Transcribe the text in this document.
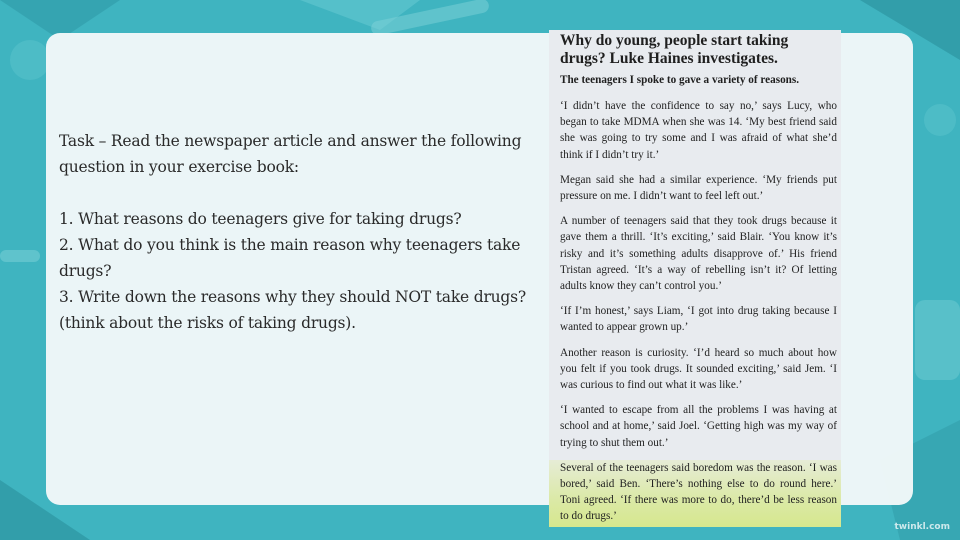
Task – Read the newspaper article and answer the following

question in your exercise book:

1. What reasons do teenagers give for taking drugs?

2. What do you think is the main reason why teenagers take drugs?

3. Write down the reasons why they should NOT take drugs?

(think about the risks of taking drugs).

Why do young, people start taking drugs? Luke Haines investigates.
The teenagers I spoke to gave a variety of reasons.
‘I didn’t have the confidence to say no,’ says Lucy, who began to take MDMA when she was 14. ‘My best friend said she was going to try some and I was afraid of what she’d think if I didn’t try it.’
Megan said she had a similar experience. ‘My friends put pressure on me. I didn’t want to feel left out.’
A number of teenagers said that they took drugs because it gave them a thrill. ‘It’s exciting,’ said Blair. ‘You know it’s risky and it’s something adults disapprove of.’ His friend Tristan agreed. ‘It’s a way of rebelling isn’t it? Of letting adults know they can’t control you.’
‘If I’m honest,’ says Liam, ‘I got into drug taking because I wanted to appear grown up.’
Another reason is curiosity. ‘I’d heard so much about how you felt if you took drugs. It sounded exciting,’ said Jem. ‘I was curious to find out what it was like.’
‘I wanted to escape from all the problems I was having at school and at home,’ said Joel. ‘Getting high was my way of trying to shut them out.’
Several of the teenagers said boredom was the reason. ‘I was bored,’ said Ben. ‘There’s nothing else to do round here.’ Toni agreed. ‘If there was more to do, there’d be less reason to do drugs.’
twinkl.com
